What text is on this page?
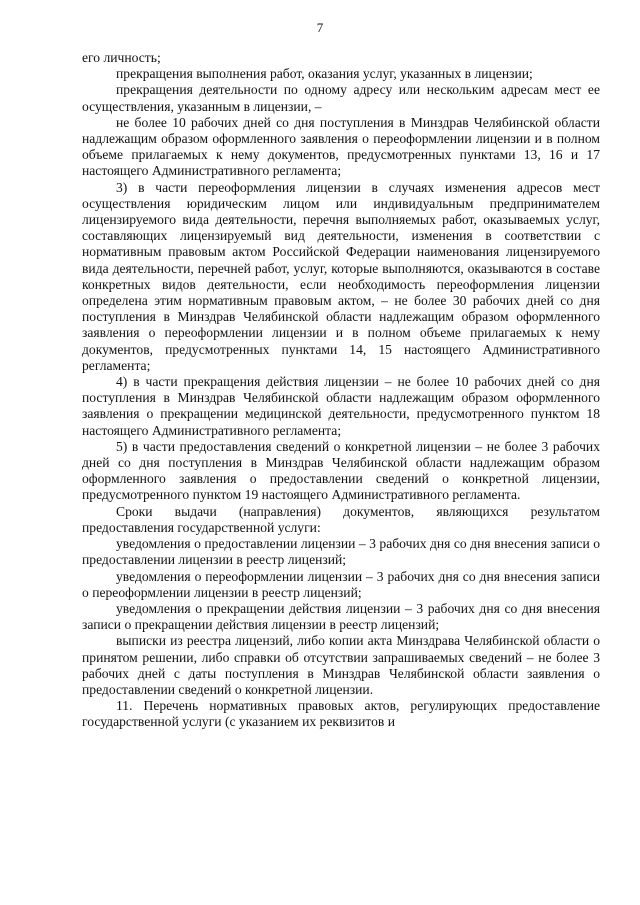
7

его личность;

прекращения выполнения работ, оказания услуг, указанных в лицензии;

прекращения деятельности по одному адресу или нескольким адресам мест ее осуществления, указанным в лицензии, –

не более 10 рабочих дней со дня поступления в Минздрав Челябинской области надлежащим образом оформленного заявления о переоформлении лицензии и в полном объеме прилагаемых к нему документов, предусмотренных пунктами 13, 16 и 17 настоящего Административного регламента;

3) в части переоформления лицензии в случаях изменения адресов мест осуществления юридическим лицом или индивидуальным предпринимателем лицензируемого вида деятельности, перечня выполняемых работ, оказываемых услуг, составляющих лицензируемый вид деятельности, изменения в соответствии с нормативным правовым актом Российской Федерации наименования лицензируемого вида деятельности, перечней работ, услуг, которые выполняются, оказываются в составе конкретных видов деятельности, если необходимость переоформления лицензии определена этим нормативным правовым актом, – не более 30 рабочих дней со дня поступления в Минздрав Челябинской области надлежащим образом оформленного заявления о переоформлении лицензии и в полном объеме прилагаемых к нему документов, предусмотренных пунктами 14, 15 настоящего Административного регламента;

4) в части прекращения действия лицензии – не более 10 рабочих дней со дня поступления в Минздрав Челябинской области надлежащим образом оформленного заявления о прекращении медицинской деятельности, предусмотренного пунктом 18 настоящего Административного регламента;

5) в части предоставления сведений о конкретной лицензии – не более 3 рабочих дней со дня поступления в Минздрав Челябинской области надлежащим образом оформленного заявления о предоставлении сведений о конкретной лицензии, предусмотренного пунктом 19 настоящего Административного регламента.

Сроки выдачи (направления) документов, являющихся результатом предоставления государственной услуги:

уведомления о предоставлении лицензии – 3 рабочих дня со дня внесения записи о предоставлении лицензии в реестр лицензий;

уведомления о переоформлении лицензии – 3 рабочих дня со дня внесения записи о переоформлении лицензии в реестр лицензий;

уведомления о прекращении действия лицензии – 3 рабочих дня со дня внесения записи о прекращении действия лицензии в реестр лицензий;

выписки из реестра лицензий, либо копии акта Минздрава Челябинской области о принятом решении, либо справки об отсутствии запрашиваемых сведений – не более 3 рабочих дней с даты поступления в Минздрав Челябинской области заявления о предоставлении сведений о конкретной лицензии.

11. Перечень нормативных правовых актов, регулирующих предоставление государственной услуги (с указанием их реквизитов и
